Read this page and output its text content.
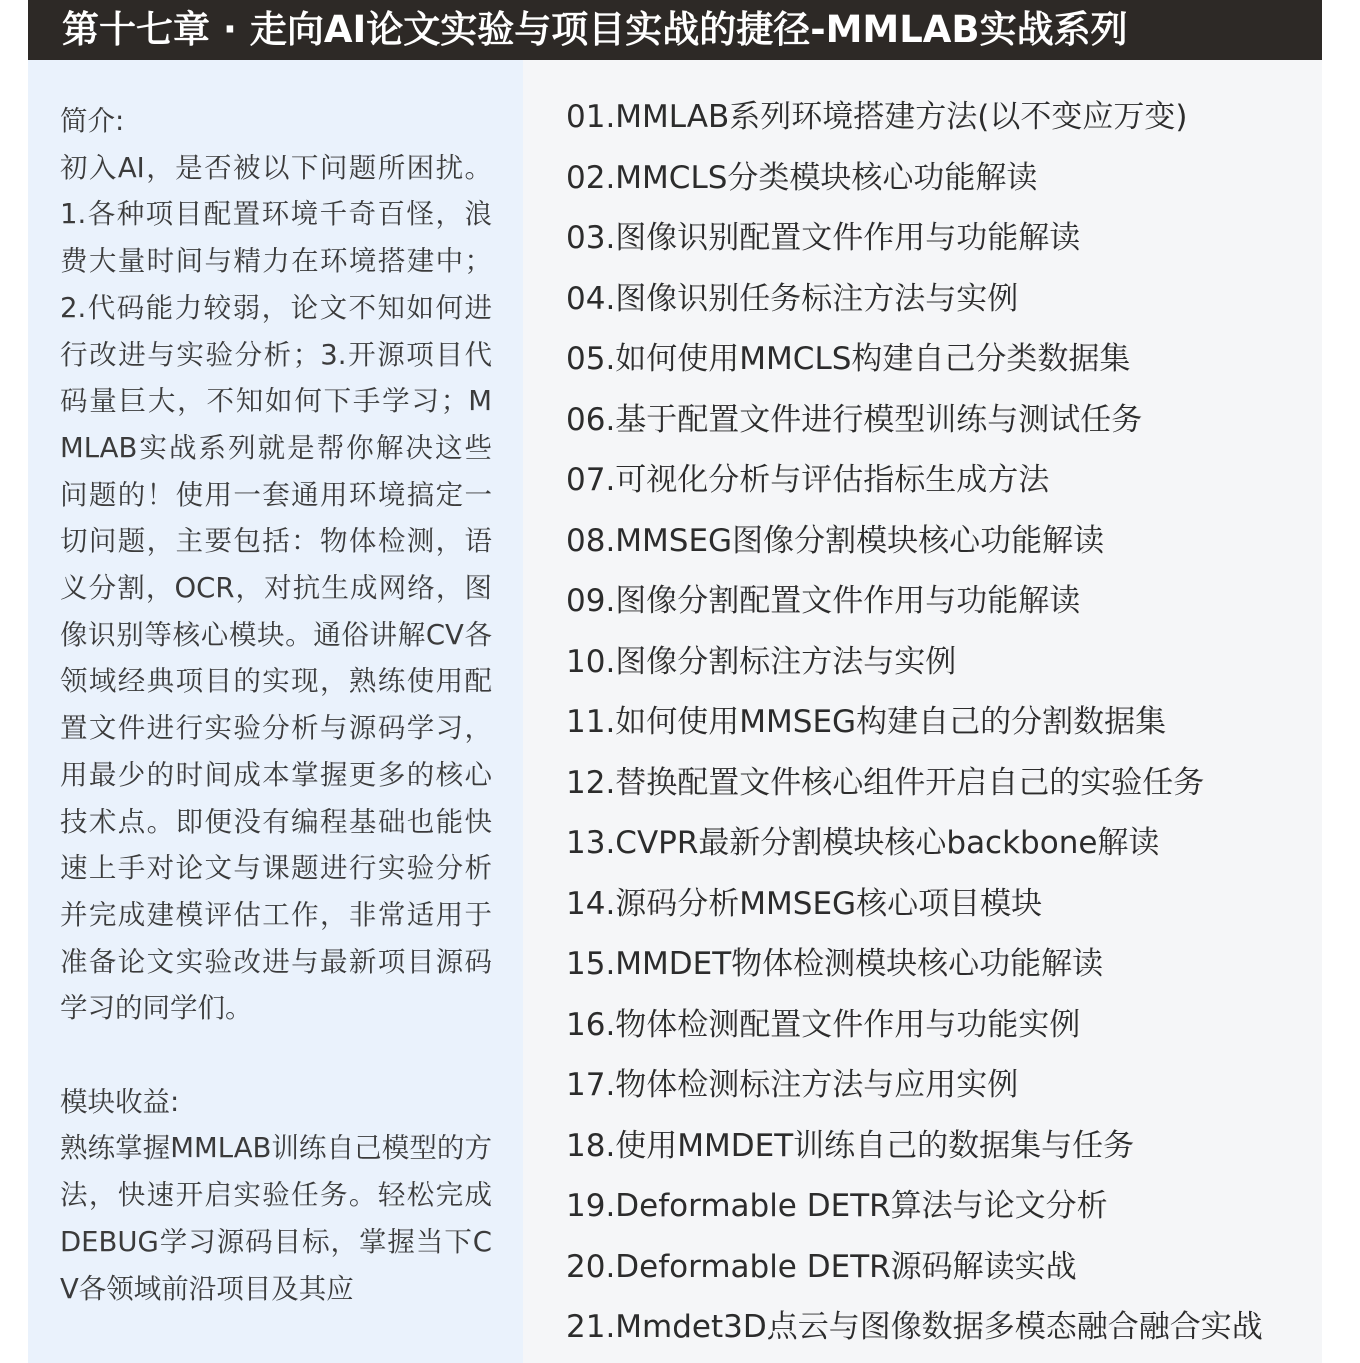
第十七章 · 走向AI论文实验与项目实战的捷径-MMLAB实战系列
简介:
初入AI，是否被以下问题所困扰。1.各种项目配置环境千奇百怪，浪费大量时间与精力在环境搭建中；2.代码能力较弱，论文不知如何进行改进与实验分析；3.开源项目代码量巨大，不知如何下手学习；MMLAB实战系列就是帮你解决这些问题的！使用一套通用环境搞定一切问题，主要包括：物体检测，语义分割，OCR，对抗生成网络，图像识别等核心模块。通俗讲解CV各领域经典项目的实现，熟练使用配置文件进行实验分析与源码学习，用最少的时间成本掌握更多的核心技术点。即便没有编程基础也能快速上手对论文与课题进行实验分析并完成建模评估工作，非常适用于准备论文实验改进与最新项目源码学习的同学们。
模块收益:
熟练掌握MMLAB训练自己模型的方法，快速开启实验任务。轻松完成DEBUG学习源码目标，掌握当下CV各领域前沿项目及其应
01.MMLAB系列环境搭建方法(以不变应万变)
02.MMCLS分类模块核心功能解读
03.图像识别配置文件作用与功能解读
04.图像识别任务标注方法与实例
05.如何使用MMCLS构建自己分类数据集
06.基于配置文件进行模型训练与测试任务
07.可视化分析与评估指标生成方法
08.MMSEG图像分割模块核心功能解读
09.图像分割配置文件作用与功能解读
10.图像分割标注方法与实例
11.如何使用MMSEG构建自己的分割数据集
12.替换配置文件核心组件开启自己的实验任务
13.CVPR最新分割模块核心backbone解读
14.源码分析MMSEG核心项目模块
15.MMDET物体检测模块核心功能解读
16.物体检测配置文件作用与功能实例
17.物体检测标注方法与应用实例
18.使用MMDET训练自己的数据集与任务
19.Deformable DETR算法与论文分析
20.Deformable DETR源码解读实战
21.Mmdet3D点云与图像数据多模态融合融合实战
